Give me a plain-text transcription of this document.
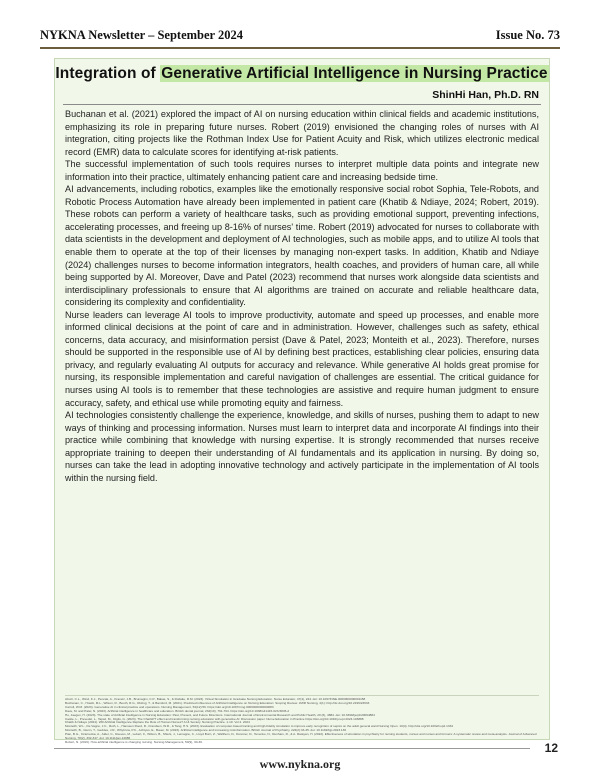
NYKNA Newsletter – September 2024	Issue No. 73
Integration of Generative Artificial Intelligence in Nursing Practice
ShinHi Han, Ph.D. RN

Buchanan et al. (2021) explored the impact of AI on nursing education within clinical fields and academic institutions, emphasizing its role in preparing future nurses. Robert (2019) envisioned the changing roles of nurses with AI integration, citing projects like the Rothman Index Use for Patient Acuity and Risk, which utilizes electronic medical record (EMR) data to calculate scores for identifying at-risk patients.

The successful implementation of such tools requires nurses to interpret multiple data points and integrate new information into their practice, ultimately enhancing patient care and increasing bedside time.

AI advancements, including robotics, examples like the emotionally responsive social robot Sophia, Tele-Robots, and Robotic Process Automation have already been implemented in patient care (Khatib & Ndiaye, 2024; Robert, 2019). These robots can perform a variety of healthcare tasks, such as providing emotional support, preventing infections, accelerating processes, and freeing up 8-16% of nurses' time. Robert (2019) advocated for nurses to collaborate with data scientists in the development and deployment of AI technologies, such as mobile apps, and to utilize AI tools that enable them to operate at the top of their licenses by managing non-expert tasks. In addition, Khatib and Ndiaye (2024) challenges nurses to become information integrators, health coaches, and providers of human care, all while being supported by AI. Moreover, Dave and Patel (2023) recommend that nurses work alongside data scientists and interdisciplinary professionals to ensure that AI algorithms are trained on accurate and reliable healthcare data, considering its complexity and confidentiality.

Nurse leaders can leverage AI tools to improve productivity, automate and speed up processes, and enable more informed clinical decisions at the point of care and in administration. However, challenges such as safety, ethical concerns, data accuracy, and misinformation persist (Dave & Patel, 2023; Monteith et al., 2023). Therefore, nurses should be supported in the responsible use of AI by defining best practices, establishing clear policies, ensuring data privacy, and regularly evaluating AI outputs for accuracy and relevance. While generative AI holds great promise for nursing, its responsible implementation and careful navigation of challenges are essential. The critical guidance for nurses using AI tools is to remember that these technologies are assistive and require human judgment to ensure accuracy, safety, and ethical use while promoting equity and fairness.

AI technologies consistently challenge the experience, knowledge, and skills of nurses, pushing them to adapt to new ways of thinking and processing information. Nurses must learn to interpret data and incorporate AI findings into their practice while combining that knowledge with nursing expertise. It is strongly recommended that nurses receive appropriate training to deepen their understanding of AI fundamentals and its application in nursing. By doing so, nurses can take the lead in adopting innovative technology and actively participate in the implementation of AI tools within the nursing field.

Abuzr, C.L., Wind, K.J., Pencak, A., Kravetz, J.B., Brumagim, C.P., Bakas, S., & Rollatte, R.M. (2023). Virtual Simulation in Graduate Nursing Education. Nurse Educator, 47(4), 224. doi: 10.1097/NNE.0000000000001158

Buchanan, C., Howitt, M.L., Wilson, R., Booth, R.G., Risling, T., & Bamford, M. (2021). Predicted influences of Artificial Intelligence on Nursing Education: Scoping Review. JMIR Nursing, 4(1): http://dx.doi.org/10.2196/23933

Carroll, W.M. (2023). Generative AI in clinical practice and operations. Nursing Management, 54(12):56. https://doi.org/10.1097/nmg.0000000000000083

Dave, M. and Patel, N. (2023). Artificial intelligence in healthcare and education. British dental journal, 234(10), 761-764. https://doi.org/10.1038/s41415-023-5845-2

Ho, Jaegen, H. (2023). The state of Artificial Intelligence in Nursing Education: Past, Present, and Future Directions. International Journal of Environmental Research and Public Health, 20 (6), 4884. doi: 10.3390/ijerph20064884

Castle, L., Prevedel, L., Tapaz, M., Digits, G. (2023). The ChatGPT effect and transforming nursing education with generative AI: Discussion paper. Nurse Education in Practice https://doi.org/10.1016/j.nepr.2024.103888

Khatib & Ndiaye (2024). Will Artificial Intelligence Replace the Role of Human Nurses? AI & Society. Nursing Practice. 1-10. Vol 2. 2024

Monteith, W.L., De Vagno, J.C., Roth, L., Hanssen Rood, R., Frandsen, W.R., & Tang, H.S. (2023). Evaluation of computer-based training and high-fidelity simulation to improve early recognition of sepsis on the adult general ward Nursing Open. 10(4). http://doi.org/10.1002/nop2.1334

Monteith, B., Glenn, T., Geddes, J.R., Whybrow, P.C., Achtyes, E., Bauer, M. (2023). Artificial intelligence and increasing misinformation. British Journal of Psychiatry, 224(2):33-35. doi: 10.1192/bjp.2023.136

Pian, B.G., Czarnecka, A., Alder, C., Reeves, M., Lebert, F., Wilson, B., Shiels, J., Lemagne, C., Lloyd Burn, Z., Walthem, D., Dosmier, D., Tenenko, N., Renham, R., & A. Ratayan, H. (2022). Effectiveness of simulation in psychiatry for nursing students, nurses and nurses and formers: A systematic review and meta-analysis. Journal of Advanced Nursing, 78(2), 332-347. doi: 10.1111/jan.14986

Robert, N. (2019). How artificial intelligence is changing nursing. Nursing Management, 50(9), 30-39.	12
www.nykna.org
